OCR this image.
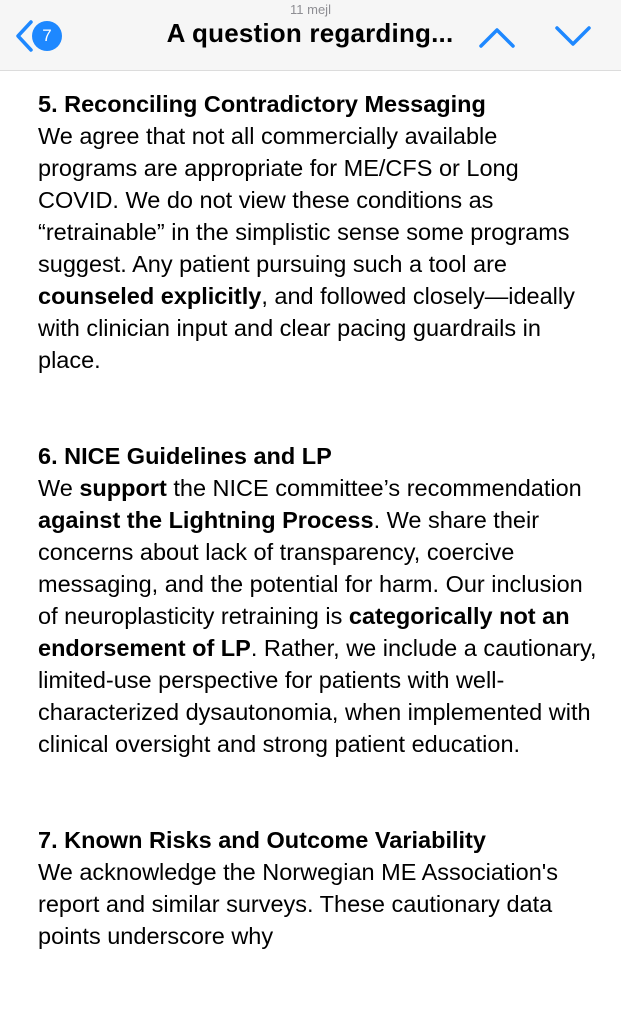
11 mejl
7	A question regarding...
5. Reconciling Contradictory Messaging

We agree that not all commercially available programs are appropriate for ME/CFS or Long COVID. We do not view these conditions as “retrainable” in the simplistic sense some programs suggest. Any patient pursuing such a tool are counseled explicitly, and followed closely—ideally with clinician input and clear pacing guardrails in place.

6. NICE Guidelines and LP

We support the NICE committee’s recommendation against the Lightning Process. We share their concerns about lack of transparency, coercive messaging, and the potential for harm. Our inclusion of neuroplasticity retraining is categorically not an endorsement of LP. Rather, we include a cautionary, limited-use perspective for patients with well-characterized dysautonomia, when implemented with clinical oversight and strong patient education.

7. Known Risks and Outcome Variability

We acknowledge the Norwegian ME Association's report and similar surveys. These cautionary data points underscore why
